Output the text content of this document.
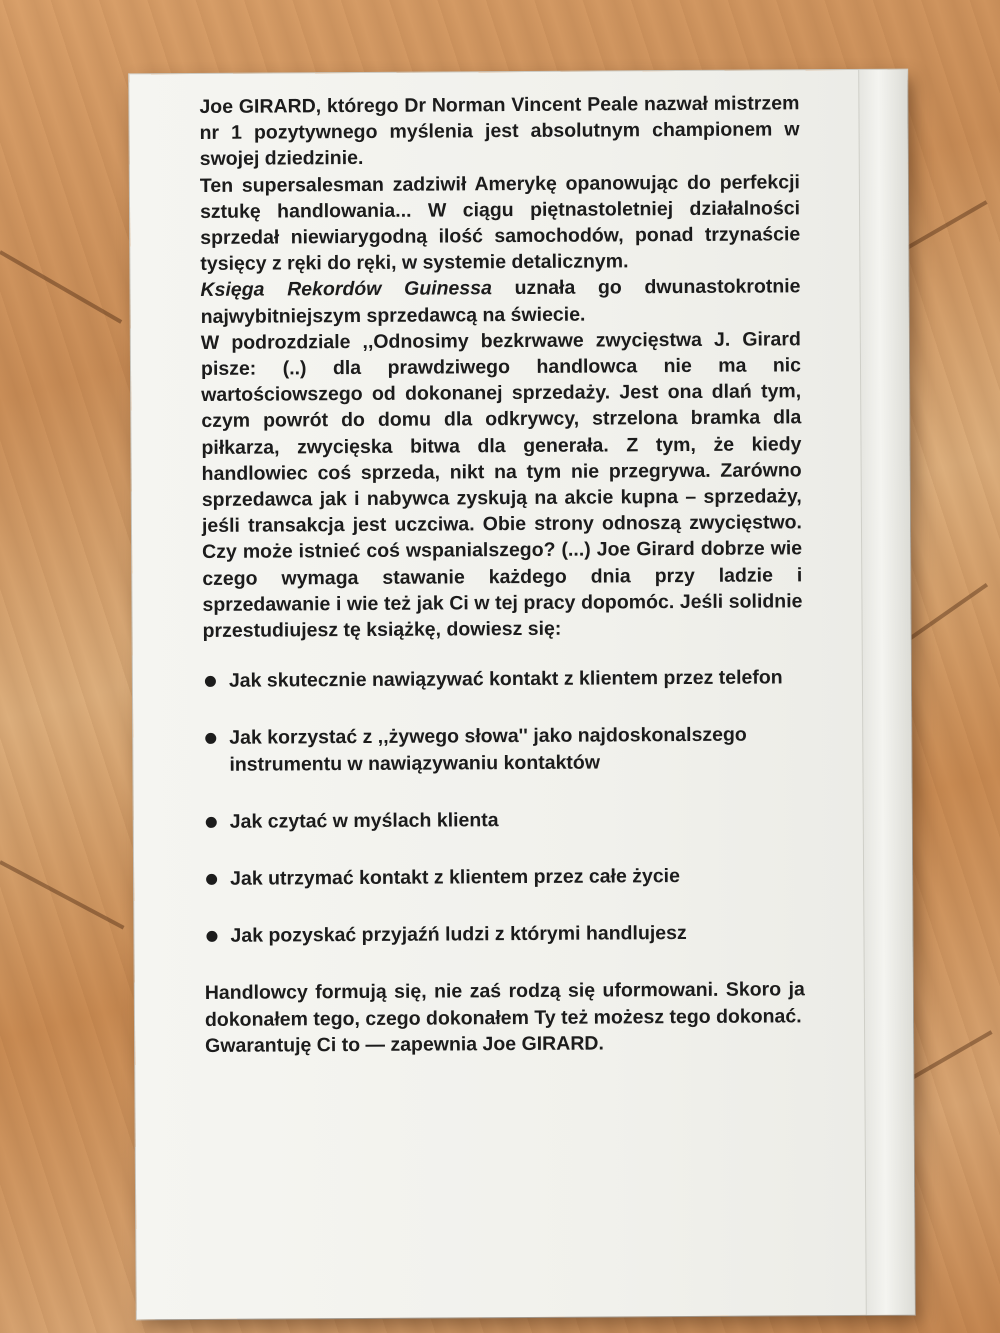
Joe GIRARD, którego Dr Norman Vincent Peale nazwał mistrzem nr 1 pozytywnego myślenia jest absolutnym championem w swojej dziedzinie.

Ten supersalesman zadziwił Amerykę opanowując do perfekcji sztukę handlowania... W ciągu piętnastoletniej działalności sprzedał niewiarygodną ilość samochodów, ponad trzynaście tysięcy z ręki do ręki, w systemie detalicznym.

Księga Rekordów Guinessa uznała go dwunastokrotnie najwybitniejszym sprzedawcą na świecie.

W podrozdziale ,,Odnosimy bezkrwawe zwycięstwa J. Girard pisze: (..) dla prawdziwego handlowca nie ma nic wartościowszego od dokonanej sprzedaży. Jest ona dlań tym, czym powrót do domu dla odkrywcy, strzelona bramka dla piłkarza, zwycięska bitwa dla generała. Z tym, że kiedy handlowiec coś sprzeda, nikt na tym nie przegrywa. Zarówno sprzedawca jak i nabywca zyskują na akcie kupna – sprzedaży, jeśli transakcja jest uczciwa. Obie strony odnoszą zwycięstwo. Czy może istnieć coś wspanialszego? (...) Joe Girard dobrze wie czego wymaga stawanie każdego dnia przy ladzie i sprzedawanie i wie też jak Ci w tej pracy dopomóc. Jeśli solidnie przestudiujesz tę książkę, dowiesz się:

Jak skutecznie nawiązywać kontakt z klientem przez telefon
Jak korzystać z ,,żywego słowa'' jako najdoskonalszego instrumentu w nawiązywaniu kontaktów
Jak czytać w myślach klienta
Jak utrzymać kontakt z klientem przez całe życie
Jak pozyskać przyjaźń ludzi z którymi handlujesz

Handlowcy formują się, nie zaś rodzą się uformowani. Skoro ja dokonałem tego, czego dokonałem Ty też możesz tego dokonać.

Gwarantuję Ci to — zapewnia Joe GIRARD.
